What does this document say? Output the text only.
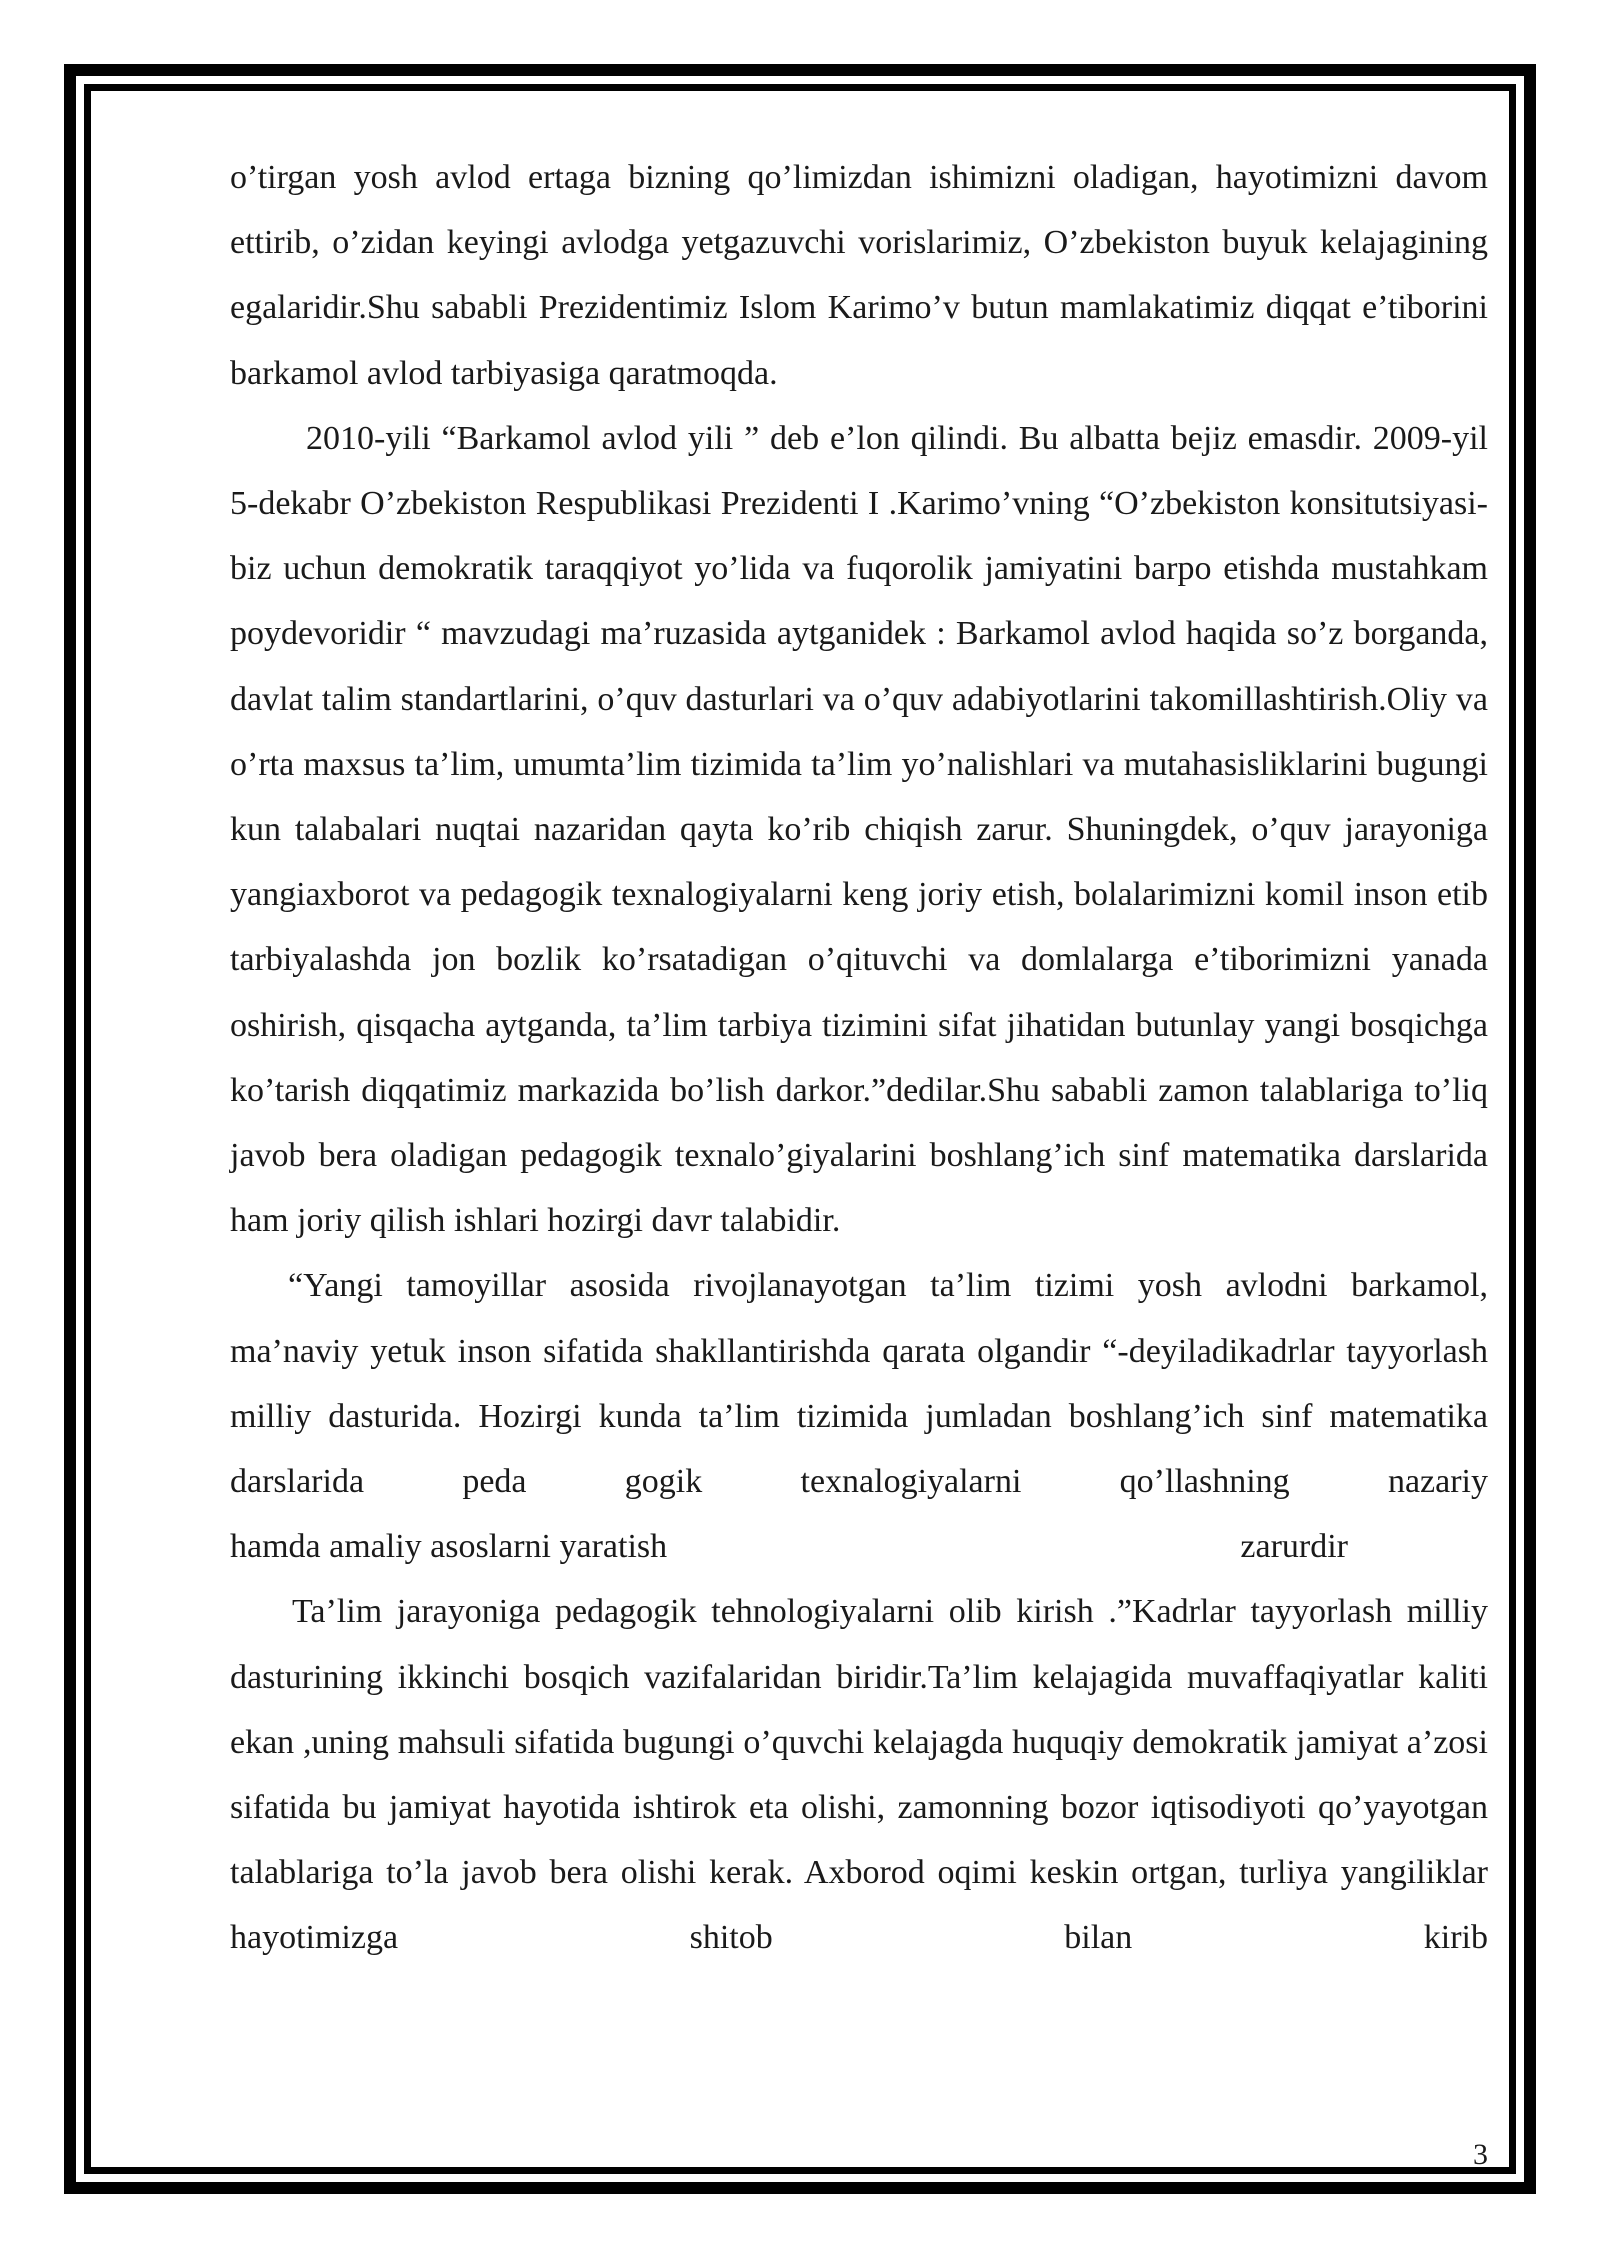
o’tirgan yosh avlod ertaga bizning qo’limizdan ishimizni oladigan, hayotimizni davom ettirib, o’zidan keyingi avlodga yetgazuvchi vorislarimiz, O’zbekiston buyuk kelajagining egalaridir.Shu sababli Prezidentimiz Islom Karimo’v butun mamlakatimiz diqqat e’tiborini barkamol avlod tarbiyasiga qaratmoqda.

2010-yili “Barkamol avlod yili ” deb e’lon qilindi. Bu albatta bejiz emasdir. 2009-yil 5-dekabr O’zbekiston Respublikasi Prezidenti I .Karimo’vning “O’zbekiston konsitutsiyasi-biz uchun demokratik taraqqiyot yo’lida va fuqorolik jamiyatini barpo etishda mustahkam poydevoridir “ mavzudagi ma’ruzasida aytganidek : Barkamol avlod haqida so’z borganda, davlat talim standartlarini, o’quv dasturlari va o’quv adabiyotlarini takomillashtirish.Oliy va o’rta maxsus ta’lim, umumta’lim tizimida ta’lim yo’nalishlari va mutahasisliklarini bugungi kun talabalari nuqtai nazaridan qayta ko’rib chiqish zarur. Shuningdek, o’quv jarayoniga yangiaxborot va pedagogik texnalogiyalarni keng joriy etish, bolalarimizni komil inson etib tarbiyalashda jon bozlik ko’rsatadigan o’qituvchi va domlalarga e’tiborimizni yanada oshirish, qisqacha aytganda, ta’lim tarbiya tizimini sifat jihatidan butunlay yangi bosqichga ko’tarish diqqatimiz markazida bo’lish darkor.”dedilar.Shu sababli zamon talablariga to’liq javob bera oladigan pedagogik texnalo’giyalarini boshlang’ich sinf matematika darslarida ham joriy qilish ishlari hozirgi davr talabidir.

“Yangi tamoyillar asosida rivojlanayotgan ta’lim tizimi yosh avlodni barkamol, ma’naviy yetuk inson sifatida shakllantirishda qarata olgandir “-deyiladikadrlar tayyorlash milliy dasturida. Hozirgi kunda ta’lim tizimida jumladan boshlang’ich sinf matematika darslarida peda gogik texnalogiyalarni qo’llashning nazariy

hamda amaliy asoslarni yaratish	zarurdir

Ta’lim jarayoniga pedagogik tehnologiyalarni olib kirish .”Kadrlar tayyorlash milliy dasturining ikkinchi bosqich vazifalaridan biridir.Ta’lim kelajagida muvaffaqiyatlar kaliti ekan ,uning mahsuli sifatida bugungi o’quvchi kelajagda huquqiy demokratik jamiyat a’zosi sifatida bu jamiyat hayotida ishtirok eta olishi, zamonning bozor iqtisodiyoti qo’yayotgan talablariga to’la javob bera olishi kerak. Axborod oqimi keskin ortgan, turliya yangiliklar hayotimizga shitob bilan kirib

3
